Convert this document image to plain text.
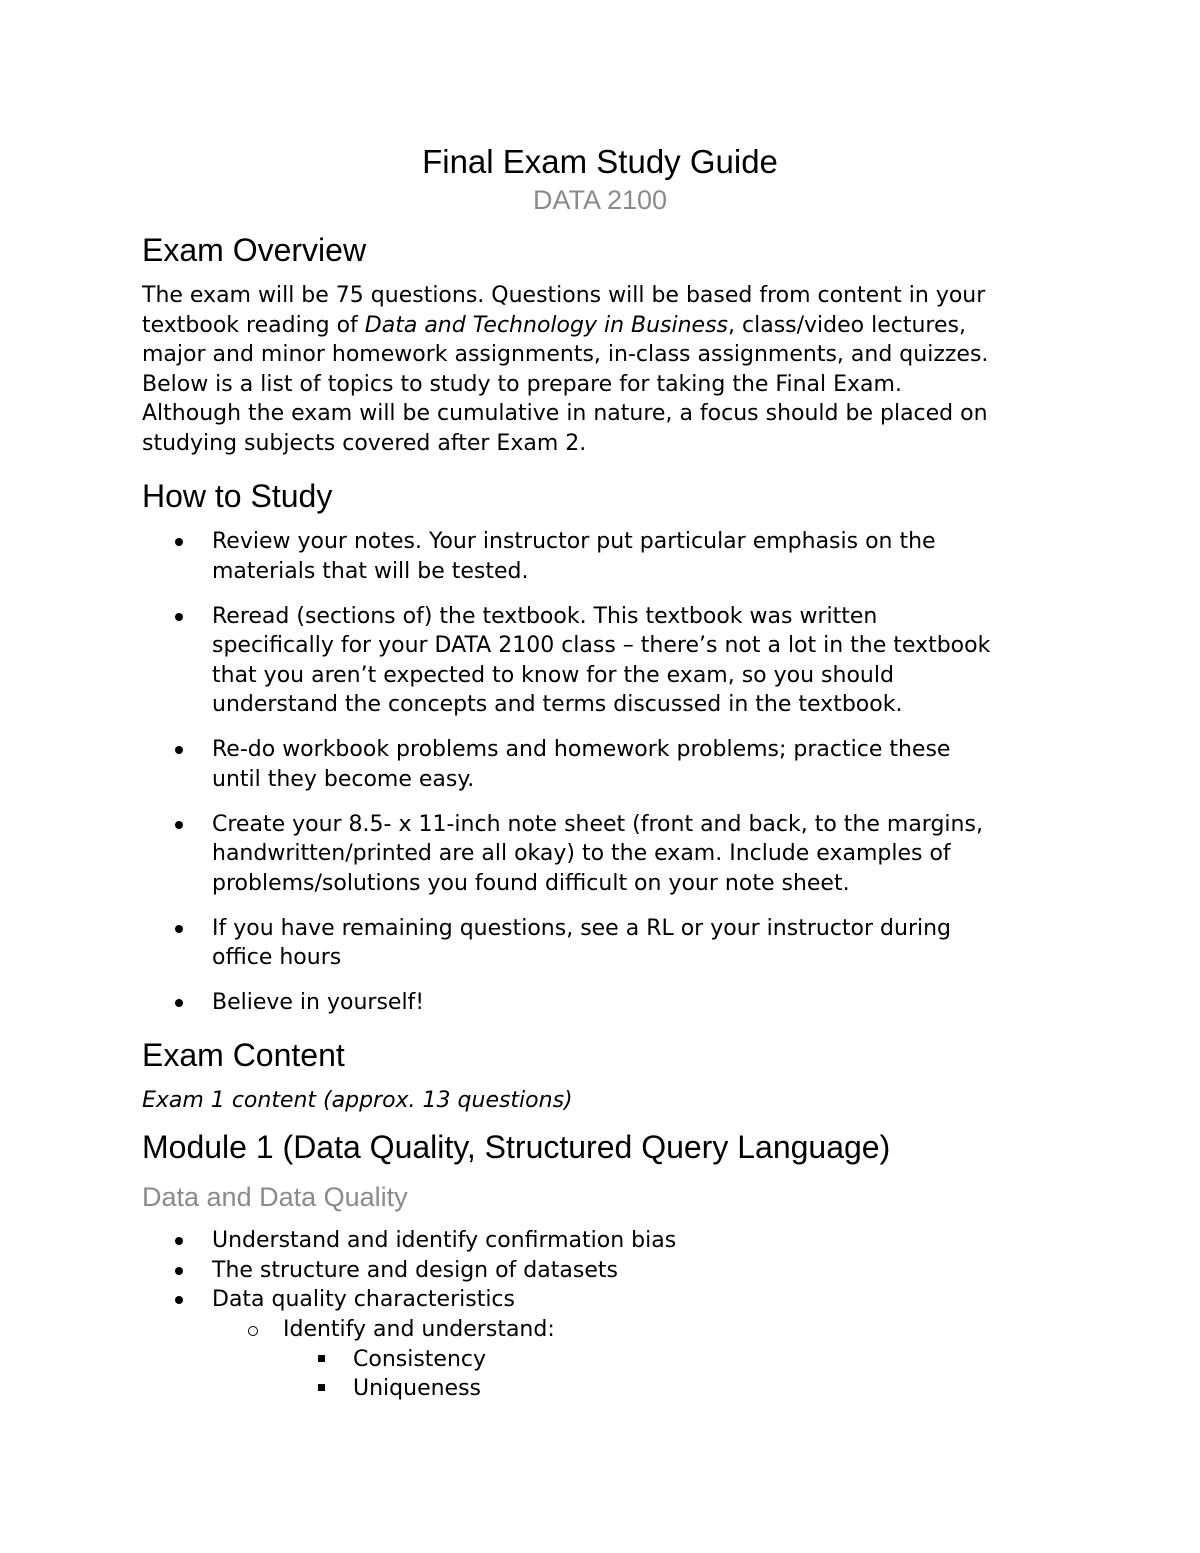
Final Exam Study Guide
DATA 2100
Exam Overview
The exam will be 75 questions. Questions will be based from content in your
textbook reading of Data and Technology in Business, class/video lectures,
major and minor homework assignments, in-class assignments, and quizzes.
Below is a list of topics to study to prepare for taking the Final Exam.
Although the exam will be cumulative in nature, a focus should be placed on
studying subjects covered after Exam 2.
How to Study
Review your notes. Your instructor put particular emphasis on the
materials that will be tested.
Reread (sections of) the textbook. This textbook was written
specifically for your DATA 2100 class – there’s not a lot in the textbook
that you aren’t expected to know for the exam, so you should
understand the concepts and terms discussed in the textbook.
Re-do workbook problems and homework problems; practice these
until they become easy.
Create your 8.5- x 11-inch note sheet (front and back, to the margins,
handwritten/printed are all okay) to the exam. Include examples of
problems/solutions you found difficult on your note sheet.
If you have remaining questions, see a RL or your instructor during
office hours
Believe in yourself!
Exam Content
Exam 1 content (approx. 13 questions)
Module 1 (Data Quality, Structured Query Language)
Data and Data Quality
Understand and identify confirmation bias
The structure and design of datasets
Data quality characteristics
Identify and understand:
Consistency
Uniqueness
